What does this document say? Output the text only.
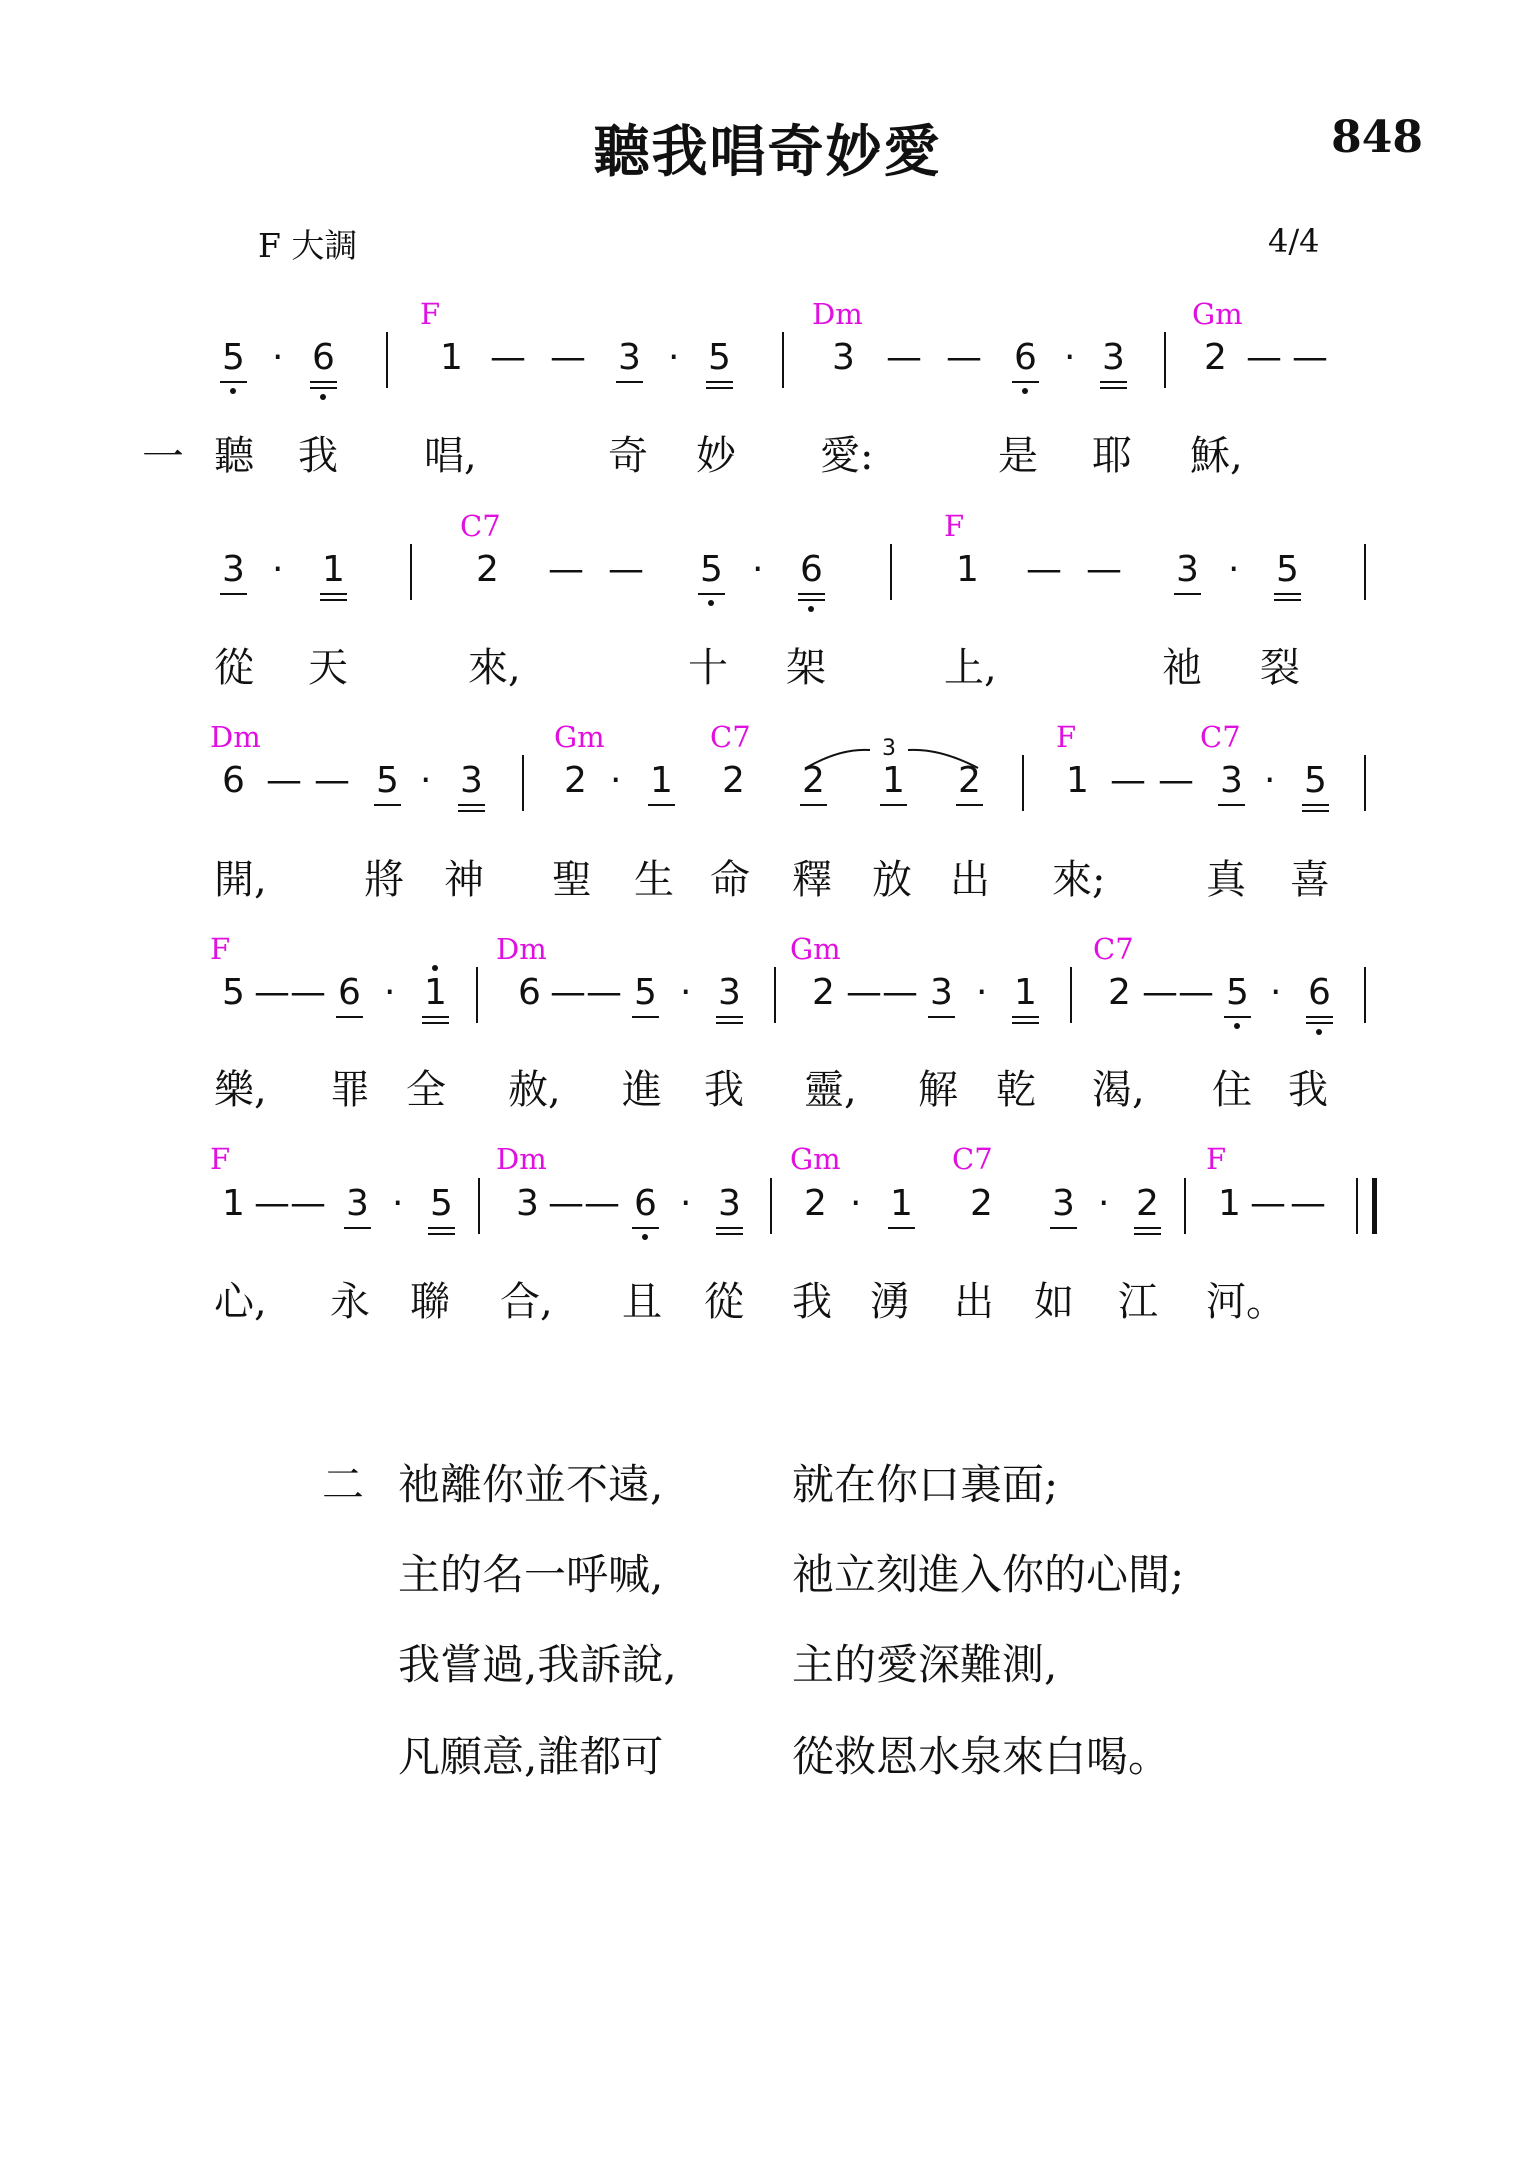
聽我唱奇妙愛	848
F 大調	4/4
F	Dm	Gm
C7	F
Dm	Gm	C7	F	C7
F	Dm	Gm	C7
F	Dm	Gm	C7	F
5 · 6	1 — — 3 · 5	3 — — 6 · 3 2 — —
3 · 1	2 — — 5 · 6	1 — — 3 · 5
6 — — 5 · 3 2 · 1 2 2 1 2 1 — — 3 · 5
5 — — 6 · 1 6 — — 5 · 3 2 — — 3 · 1 2 — — 5 · 6
1 — — 3 · 5 3 — — 6 · 3 2 · 1 2 3 · 2 1 — —
一 聽 我 唱,	奇 妙 愛:	是 耶 穌,
從 天	來,	十 架	上,	祂 裂
開, 將 神 聖 生 命 釋 放 出 來;	真 喜
樂, 罪 全 赦, 進 我 靈, 解 乾 渴, 住 我
心, 永 聯 合, 且 從 我 湧 出 如 江 河。
3
二 祂離你並不遠,	就在你口裏面;
主的名一呼喊,	祂立刻進入你的心間;
我嘗過,我訴說,	主的愛深難測,
凡願意,誰都可	從救恩水泉來白喝。
